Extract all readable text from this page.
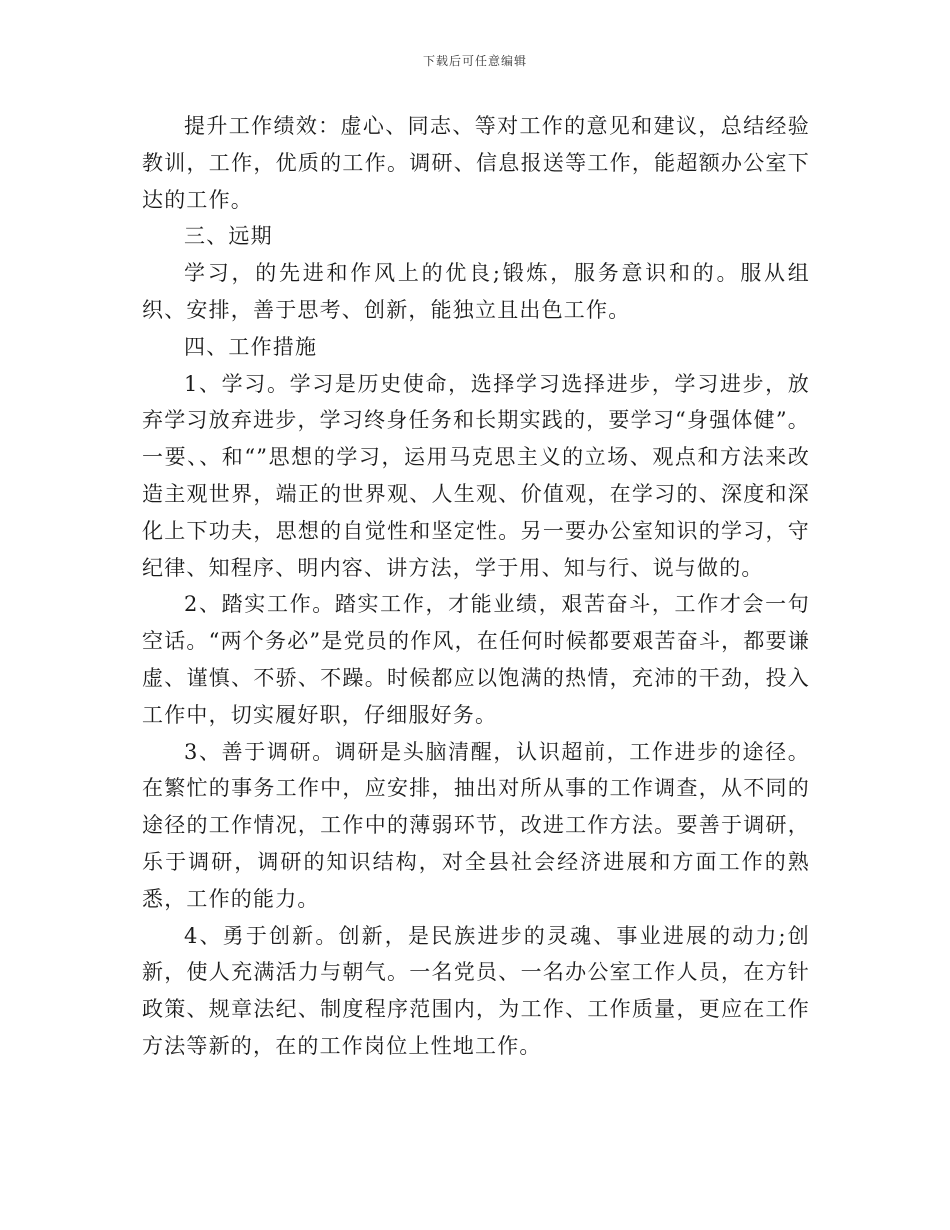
下载后可任意编辑

提升工作绩效：虚心、同志、等对工作的意见和建议，总结经验教训，工作，优质的工作。调研、信息报送等工作，能超额办公室下达的工作。

三、远期

学习，的先进和作风上的优良;锻炼，服务意识和的。服从组织、安排，善于思考、创新，能独立且出色工作。

四、工作措施

1、学习。学习是历史使命，选择学习选择进步，学习进步，放弃学习放弃进步，学习终身任务和长期实践的，要学习“身强体健”。一要、、和“”思想的学习，运用马克思主义的立场、观点和方法来改造主观世界，端正的世界观、人生观、价值观，在学习的、深度和深化上下功夫，思想的自觉性和坚定性。另一要办公室知识的学习，守纪律、知程序、明内容、讲方法，学于用、知与行、说与做的。

2、踏实工作。踏实工作，才能业绩，艰苦奋斗，工作才会一句空话。“两个务必”是党员的作风，在任何时候都要艰苦奋斗，都要谦虚、谨慎、不骄、不躁。时候都应以饱满的热情，充沛的干劲，投入工作中，切实履好职，仔细服好务。

3、善于调研。调研是头脑清醒，认识超前，工作进步的途径。在繁忙的事务工作中，应安排，抽出对所从事的工作调查，从不同的途径的工作情况，工作中的薄弱环节，改进工作方法。要善于调研，乐于调研，调研的知识结构，对全县社会经济进展和方面工作的熟悉，工作的能力。

4、勇于创新。创新，是民族进步的灵魂、事业进展的动力;创新，使人充满活力与朝气。一名党员、一名办公室工作人员，在方针政策、规章法纪、制度程序范围内，为工作、工作质量，更应在工作方法等新的，在的工作岗位上性地工作。
